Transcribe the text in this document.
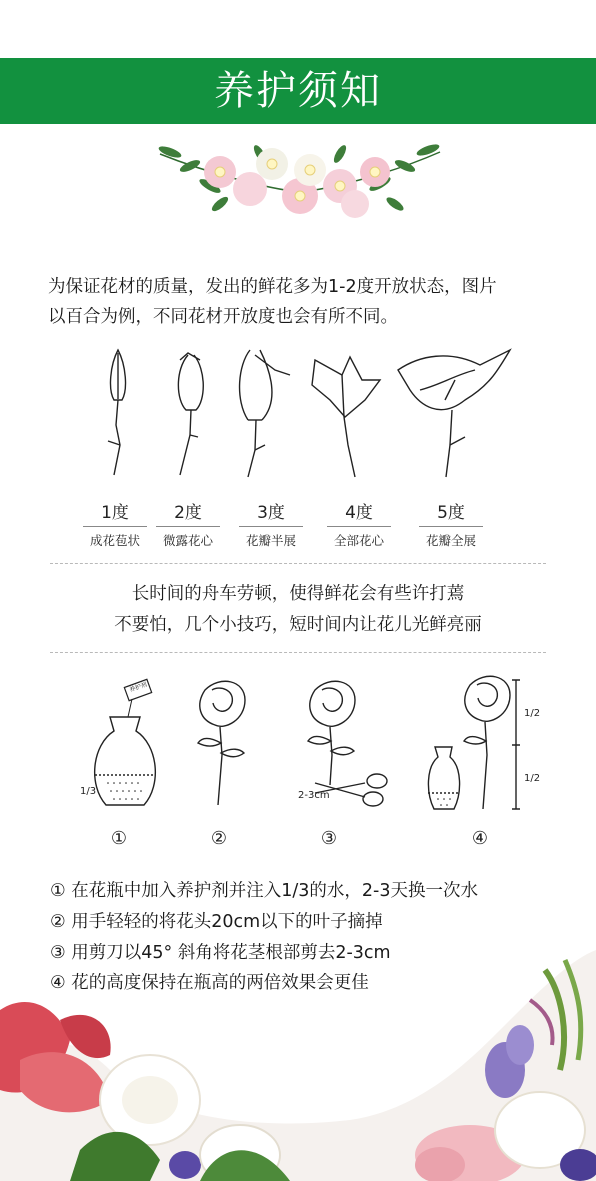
养护须知
为保证花材的质量，发出的鲜花多为1-2度开放状态，图片
以百合为例，不同花材开放度也会有所不同。
1度
成花苞状
2度
微露花心
3度
花瓣半展
4度
全部花心
5度
花瓣全展
长时间的舟车劳顿，使得鲜花会有些许打蔫
不要怕，几个小技巧，短时间内让花儿光鲜亮丽
养护剂
1/3	2-3cm
1/2
1/2
①	②	③	④
① 在花瓶中加入养护剂并注入1/3的水，2-3天换一次水
② 用手轻轻的将花头20cm以下的叶子摘掉
③ 用剪刀以45° 斜角将花茎根部剪去2-3cm
④ 花的高度保持在瓶高的两倍效果会更佳
